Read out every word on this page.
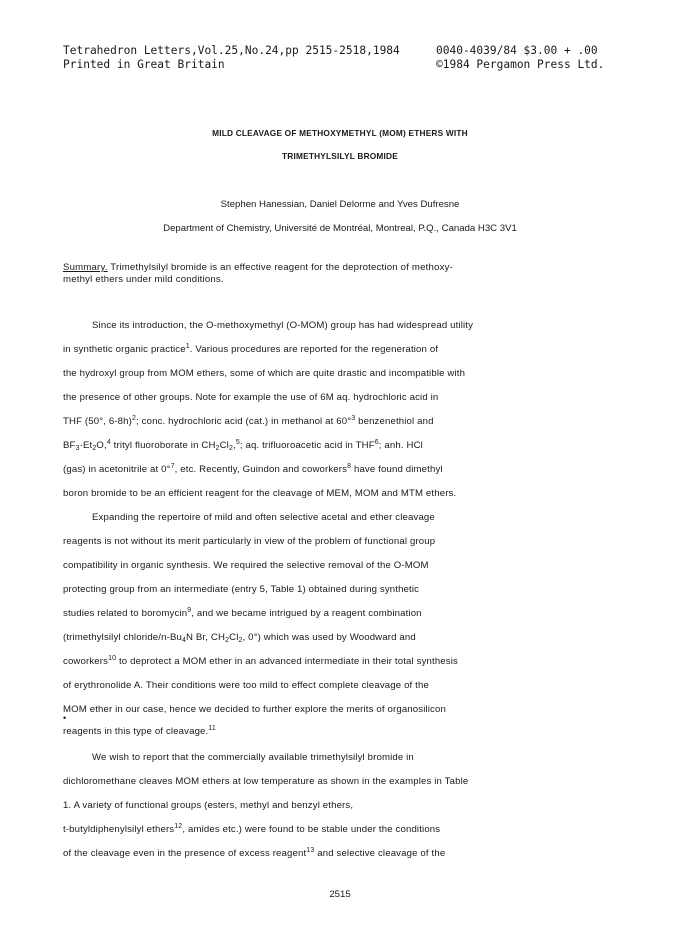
Tetrahedron Letters,Vol.25,No.24,pp 2515-2518,1984
Printed in Great Britain
0040-4039/84 $3.00 + .00
©1984 Pergamon Press Ltd.
MILD CLEAVAGE OF METHOXYMETHYL (MOM) ETHERS WITH
TRIMETHYLSILYL BROMIDE
Stephen Hanessian, Daniel Delorme and Yves Dufresne
Department of Chemistry, Université de Montréal, Montreal, P.Q., Canada H3C 3V1
Summary. Trimethylsilyl bromide is an effective reagent for the deprotection of methoxy-
methyl ethers under mild conditions.
Since its introduction, the O-methoxymethyl (O-MOM) group has had widespread utility
in synthetic organic practice$^1$. Various procedures are reported for the regeneration of
the hydroxyl group from MOM ethers, some of which are quite drastic and incompatible with
the presence of other groups. Note for example the use of 6M aq. hydrochloric acid in
THF (50°, 6-8h)$^2$; conc. hydrochloric acid (cat.) in methanol at 60°$^3$ benzenethiol and
$BF_3\cdot Et_2O,^4$ trityl fluoroborate in $CH_2Cl_2,^5$; aq. trifluoroacetic acid in THF$^6$; anh. HCl
(gas) in acetonitrile at 0°$^7$, etc. Recently, Guindon and coworkers$^8$ have found dimethyl
boron bromide to be an efficient reagent for the cleavage of MEM, MOM and MTM ethers.
Expanding the repertoire of mild and often selective acetal and ether cleavage
reagents is not without its merit particularly in view of the problem of functional group
compatibility in organic synthesis. We required the selective removal of the O-MOM
protecting group from an intermediate (entry 5, Table 1) obtained during synthetic
studies related to boromycin$^9$, and we became intrigued by a reagent combination
(trimethylsilyl chloride/$n-Bu_4N$ Br, $CH_2Cl_2$, 0°) which was used by Woodward and
coworkers$^{10}$ to deprotect a MOM ether in an advanced intermediate in their total synthesis
of erythronolide A. Their conditions were too mild to effect complete cleavage of the
MOM ether in our case, hence we decided to further explore the merits of organosilicon
•
reagents in this type of cleavage.$^{11}$
We wish to report that the commercially available trimethylsilyl bromide in
dichloromethane cleaves MOM ethers at low temperature as shown in the examples in Table
1. A variety of functional groups (esters, methyl and benzyl ethers,
t-butyldiphenylsilyl ethers$^{12}$, amides etc.) were found to be stable under the conditions
of the cleavage even in the presence of excess reagent$^{13}$ and selective cleavage of the
2515
